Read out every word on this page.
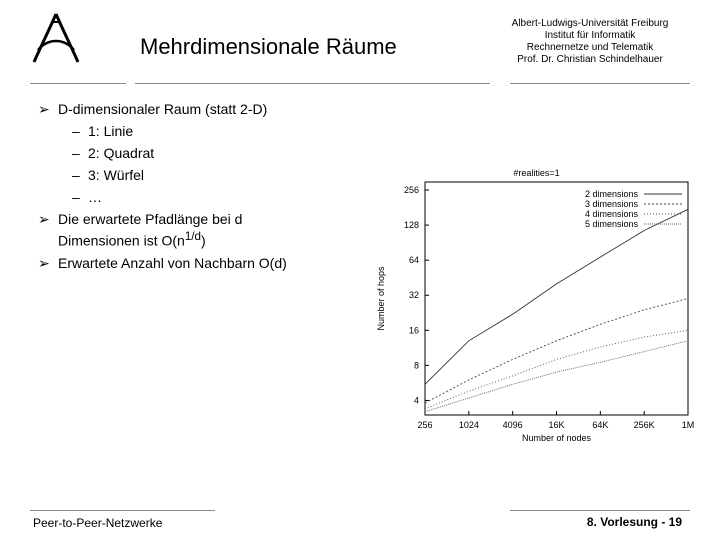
Mehrdimensionale Räume
Albert-Ludwigs-Universität Freiburg
Institut für Informatik
Rechnernetze und Telematik
Prof. Dr. Christian Schindelhauer
➢ D-dimensionaler Raum (statt 2-D)
– 1: Linie
– 2: Quadrat
– 3: Würfel
– …
➢ Die erwartete Pfadlänge bei d
Dimensionen ist $O(n^{1/d})$
➢ Erwartete Anzahl von Nachbarn O(d)
#realities=1
256	1024	4096	16K	64K	256K	1M
4
8
16
32
64
128
256
Number of nodes
Number of hops
2 dimensions
3 dimensions
4 dimensions
5 dimensions
Peer-to-Peer-Netzwerke	8. Vorlesung - 19
